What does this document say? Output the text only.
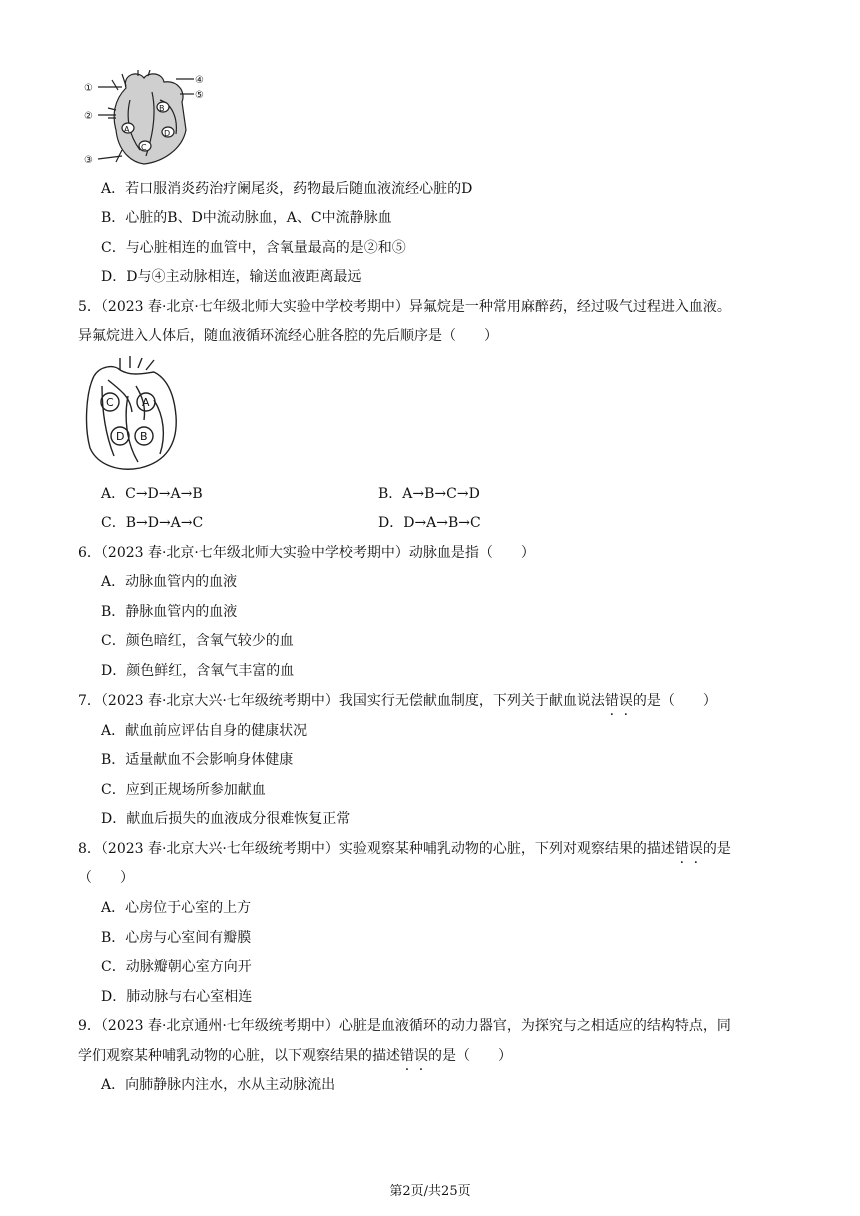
①
②
③
④
⑤
A
B
C
D
A．若口服消炎药治疗阑尾炎，药物最后随血液流经心脏的D
B．心脏的B、D中流动脉血，A、C中流静脉血
C．与心脏相连的血管中，含氧量最高的是②和⑤
D．D与④主动脉相连，输送血液距离最远
5．（2023 春·北京·七年级北师大实验中学校考期中）异氟烷是一种常用麻醉药，经过吸气过程进入血液。
异氟烷进入人体后，随血液循环流经心脏各腔的先后顺序是（　　）
C	A
D B
A．C→D→A→B	B．A→B→C→D
C．B→D→A→C	D．D→A→B→C
6．（2023 春·北京·七年级北师大实验中学校考期中）动脉血是指（　　）
A．动脉血管内的血液
B．静脉血管内的血液
C．颜色暗红，含氧气较少的血
D．颜色鲜红，含氧气丰富的血
7．（2023 春·北京大兴·七年级统考期中）我国实行无偿献血制度，下列关于献血说法错误的是（　　）
A．献血前应评估自身的健康状况
B．适量献血不会影响身体健康
C．应到正规场所参加献血
D．献血后损失的血液成分很难恢复正常
8．（2023 春·北京大兴·七年级统考期中）实验观察某种哺乳动物的心脏，下列对观察结果的描述错误的是
（　　）
A．心房位于心室的上方
B．心房与心室间有瓣膜
C．动脉瓣朝心室方向开
D．肺动脉与右心室相连
9．（2023 春·北京通州·七年级统考期中）心脏是血液循环的动力器官，为探究与之相适应的结构特点，同
学们观察某种哺乳动物的心脏，以下观察结果的描述错误的是（　　）
A．向肺静脉内注水，水从主动脉流出
第2页/共25页
